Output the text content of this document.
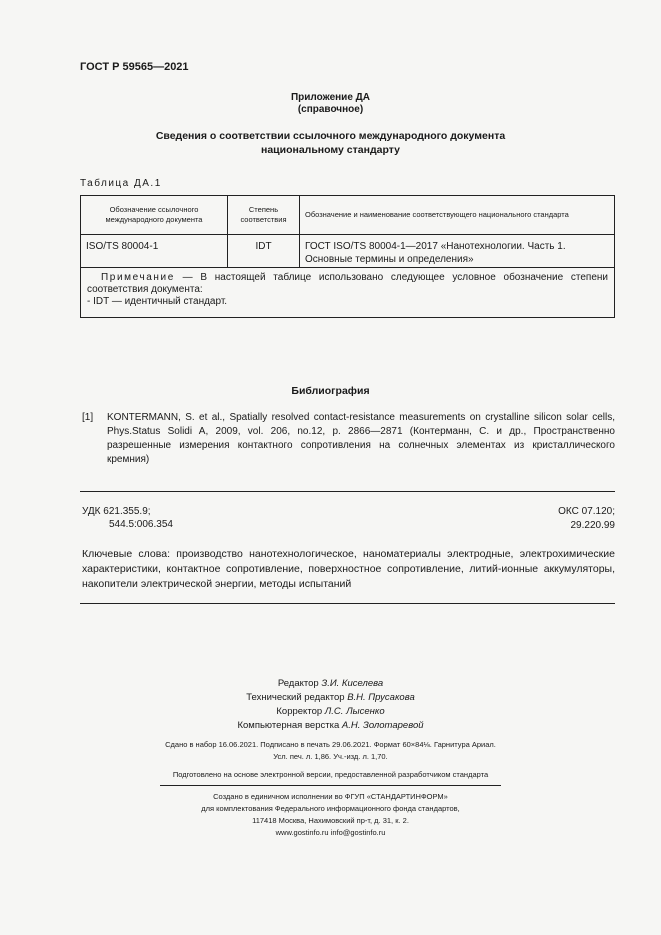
ГОСТ Р 59565—2021
Приложение ДА
(справочное)
Сведения о соответствии ссылочного международного документа
национальному стандарту
Таблица ДА.1
Обозначение ссылочного международного документа	Степень соответствия	Обозначение и наименование соответствующего национального стандарта
ISO/TS 80004-1	IDT	ГОСТ ISO/TS 80004-1—2017 «Нанотехнологии. Часть 1. Основные термины и определения»

Примечание — В настоящей таблице использовано следующее условное обозначение степени соответствия документа:
- IDT — идентичный стандарт.		
Библиография
[1] KONTERMANN, S. et al., Spatially resolved contact-resistance measurements on crystalline silicon solar cells, Phys.Status Solidi A, 2009, vol. 206, no.12, p. 2866—2871 (Контерманн, С. и др., Пространственно разрешенные измерения контактного сопротивления на солнечных элементах из кристаллического кремния)
УДК 621.355.9;
544.5:006.354
ОКС 07.120;
29.220.99
Ключевые слова: производство нанотехнологическое, наноматериалы электродные, электрохимические характеристики, контактное сопротивление, поверхностное сопротивление, литий-ионные аккумуляторы, накопители электрической энергии, методы испытаний
Редактор З.И. Киселева
Технический редактор В.Н. Прусакова
Корректор Л.С. Лысенко
Компьютерная верстка А.Н. Золотаревой
Сдано в набор 16.06.2021. Подписано в печать 29.06.2021. Формат 60×84⅛. Гарнитура Ариал.
Усл. печ. л. 1,86. Уч.-изд. л. 1,70.
Подготовлено на основе электронной версии, предоставленной разработчиком стандарта
Создано в единичном исполнении во ФГУП «СТАНДАРТИНФОРМ»
для комплектования Федерального информационного фонда стандартов,
117418 Москва, Нахимовский пр-т, д. 31, к. 2.
www.gostinfo.ru info@gostinfo.ru
